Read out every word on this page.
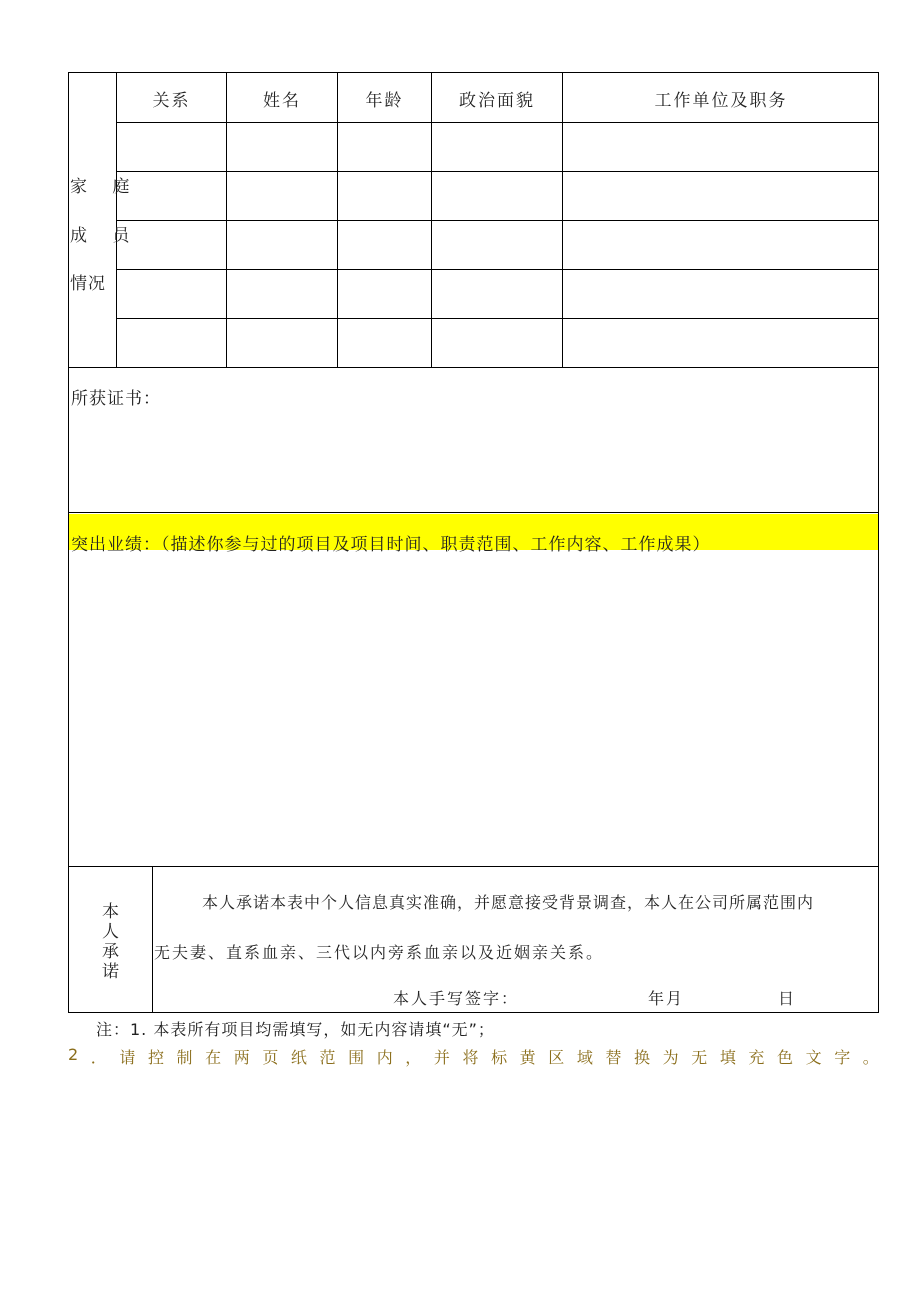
家 庭
成 员
情况
关系	姓名	年龄	政治面貌	工作单位及职务
所获证书：
突出业绩：（描述你参与过的项目及项目时间、职责范围、工作内容、工作成果）
本
人
承
诺
本人承诺本表中个人信息真实准确，并愿意接受背景调查，本人在公司所属范围内
无夫妻、直系血亲、三代以内旁系血亲以及近姻亲关系。
本人手写签字：	年月	日
注：1. 本表所有项目均需填写，如无内容请填“无”；
2 ． 请 控 制 在 两 页 纸 范 围 内 ， 并 将 标 黄 区 域 替 换 为 无 填 充 色 文 字 。
